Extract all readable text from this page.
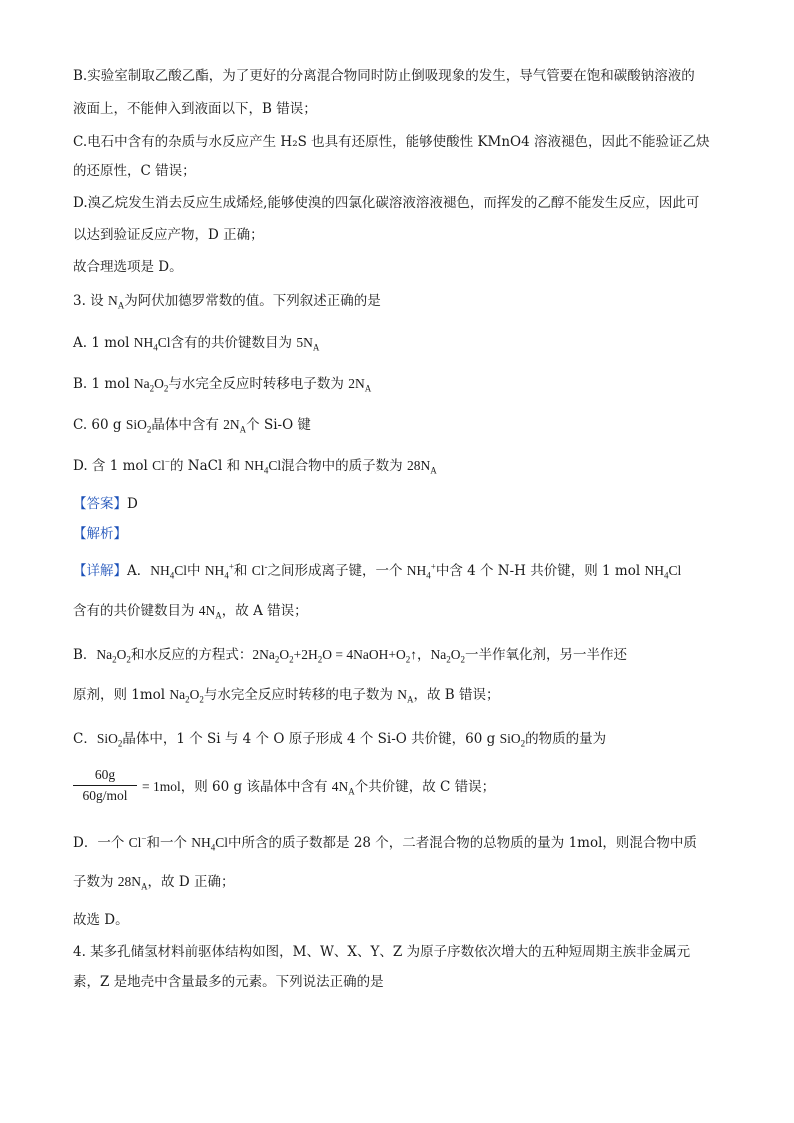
B.实验室制取乙酸乙酯，为了更好的分离混合物同时防止倒吸现象的发生，导气管要在饱和碳酸钠溶液的
液面上，不能伸入到液面以下，B 错误；
C.电石中含有的杂质与水反应产生 H₂S 也具有还原性，能够使酸性 KMnO4 溶液褪色，因此不能验证乙炔
的还原性，C 错误；
D.溴乙烷发生消去反应生成烯烃,能够使溴的四氯化碳溶液溶液褪色，而挥发的乙醇不能发生反应，因此可
以达到验证反应产物，D 正确；
故合理选项是 D。
3. 设 $N_A$为阿伏加德罗常数的值。下列叙述正确的是
A. 1 mol $NH_4Cl$含有的共价键数目为 $5N_A$
B. 1 mol $Na_2O_2$与水完全反应时转移电子数为 $2N_A$
C. 60 g SiO$_2$晶体中含有 $2N_A$个 Si-O 键
D. 含 1 mol Cl−的 NaCl 和 $NH_4Cl$混合物中的质子数为 $28N_A$
【答案】D
【解析】
【详解】A．$NH_4Cl$中 $NH_4^+$和 Cl-之间形成离子键，一个 $NH_4^+$中含 4 个 N-H 共价键，则 1 mol $NH_4Cl$
含有的共价键数目为 $4N_A$，故 A 错误；
B．$Na_2O_2$和水反应的方程式：$2Na_2O_2+2H_2O$ = $4NaOH+O_2↑$，$Na_2O_2$一半作氧化剂，另一半作还
原剂，则 1mol $Na_2O_2$与水完全反应时转移的电子数为 $N_A$，故 B 错误；
C．SiO$_2$晶体中，1 个 Si 与 4 个 O 原子形成 4 个 Si-O 共价键，60 g SiO$_2$的物质的量为
60g
60g/mol
= 1mol，则 60 g 该晶体中含有 $4N_A$个共价键，故 C 错误；
D．一个 Cl−和一个 $NH_4Cl$中所含的质子数都是 28 个，二者混合物的总物质的量为 1mol，则混合物中质
子数为 $28N_A$，故 D 正确；
故选 D。
4. 某多孔储氢材料前驱体结构如图，M、W、X、Y、Z 为原子序数依次增大的五种短周期主族非金属元
素，Z 是地壳中含量最多的元素。下列说法正确的是
